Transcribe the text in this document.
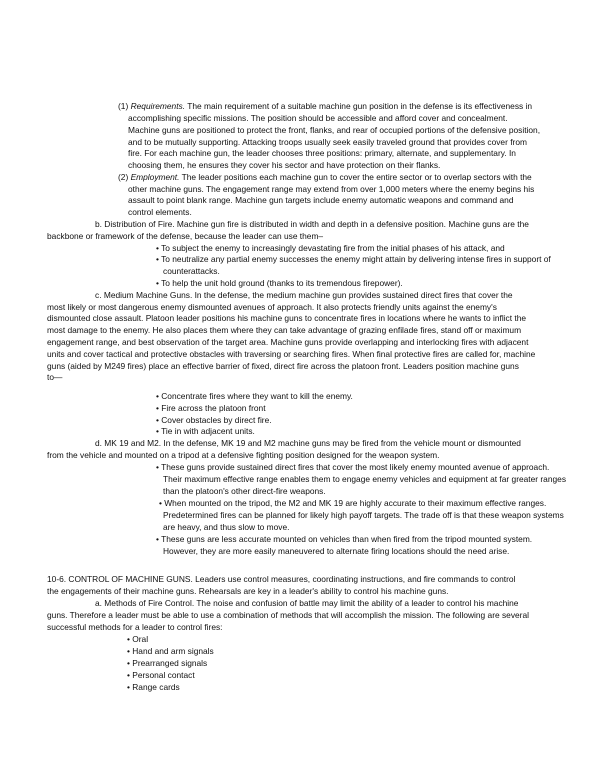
(1) Requirements. The main requirement of a suitable machine gun position in the defense is its effectiveness in
accomplishing specific missions. The position should be accessible and afford cover and concealment.
Machine guns are positioned to protect the front, flanks, and rear of occupied portions of the defensive position,
and to be mutually supporting. Attacking troops usually seek easily traveled ground that provides cover from
fire. For each machine gun, the leader chooses three positions: primary, alternate, and supplementary. In
choosing them, he ensures they cover his sector and have protection on their flanks.
(2) Employment. The leader positions each machine gun to cover the entire sector or to overlap sectors with the
other machine guns. The engagement range may extend from over 1,000 meters where the enemy begins his
assault to point blank range. Machine gun targets include enemy automatic weapons and command and
control elements.
b. Distribution of Fire. Machine gun fire is distributed in width and depth in a defensive position. Machine guns are the
backbone or framework of the defense, because the leader can use them–
• To subject the enemy to increasingly devastating fire from the initial phases of his attack, and
• To neutralize any partial enemy successes the enemy might attain by delivering intense fires in support of
counterattacks.
• To help the unit hold ground (thanks to its tremendous firepower).
c. Medium Machine Guns. In the defense, the medium machine gun provides sustained direct fires that cover the
most likely or most dangerous enemy dismounted avenues of approach. It also protects friendly units against the enemy's
dismounted close assault. Platoon leader positions his machine guns to concentrate fires in locations where he wants to inflict the
most damage to the enemy. He also places them where they can take advantage of grazing enfilade fires, stand off or maximum
engagement range, and best observation of the target area. Machine guns provide overlapping and interlocking fires with adjacent
units and cover tactical and protective obstacles with traversing or searching fires. When final protective fires are called for, machine
guns (aided by M249 fires) place an effective barrier of fixed, direct fire across the platoon front. Leaders position machine guns
to—
• Concentrate fires where they want to kill the enemy.
• Fire across the platoon front
• Cover obstacles by direct fire.
• Tie in with adjacent units.
d. MK 19 and M2. In the defense, MK 19 and M2 machine guns may be fired from the vehicle mount or dismounted
from the vehicle and mounted on a tripod at a defensive fighting position designed for the weapon system.
• These guns provide sustained direct fires that cover the most likely enemy mounted avenue of approach.
Their maximum effective range enables them to engage enemy vehicles and equipment at far greater ranges
than the platoon's other direct-fire weapons.
• When mounted on the tripod, the M2 and MK 19 are highly accurate to their maximum effective ranges.
Predetermined fires can be planned for likely high payoff targets. The trade off is that these weapon systems
are heavy, and thus slow to move.
• These guns are less accurate mounted on vehicles than when fired from the tripod mounted system.
However, they are more easily maneuvered to alternate firing locations should the need arise.
10-6. CONTROL OF MACHINE GUNS. Leaders use control measures, coordinating instructions, and fire commands to control
the engagements of their machine guns. Rehearsals are key in a leader's ability to control his machine guns.
a. Methods of Fire Control. The noise and confusion of battle may limit the ability of a leader to control his machine
guns. Therefore a leader must be able to use a combination of methods that will accomplish the mission. The following are several
successful methods for a leader to control fires:
• Oral
• Hand and arm signals
• Prearranged signals
• Personal contact
• Range cards
